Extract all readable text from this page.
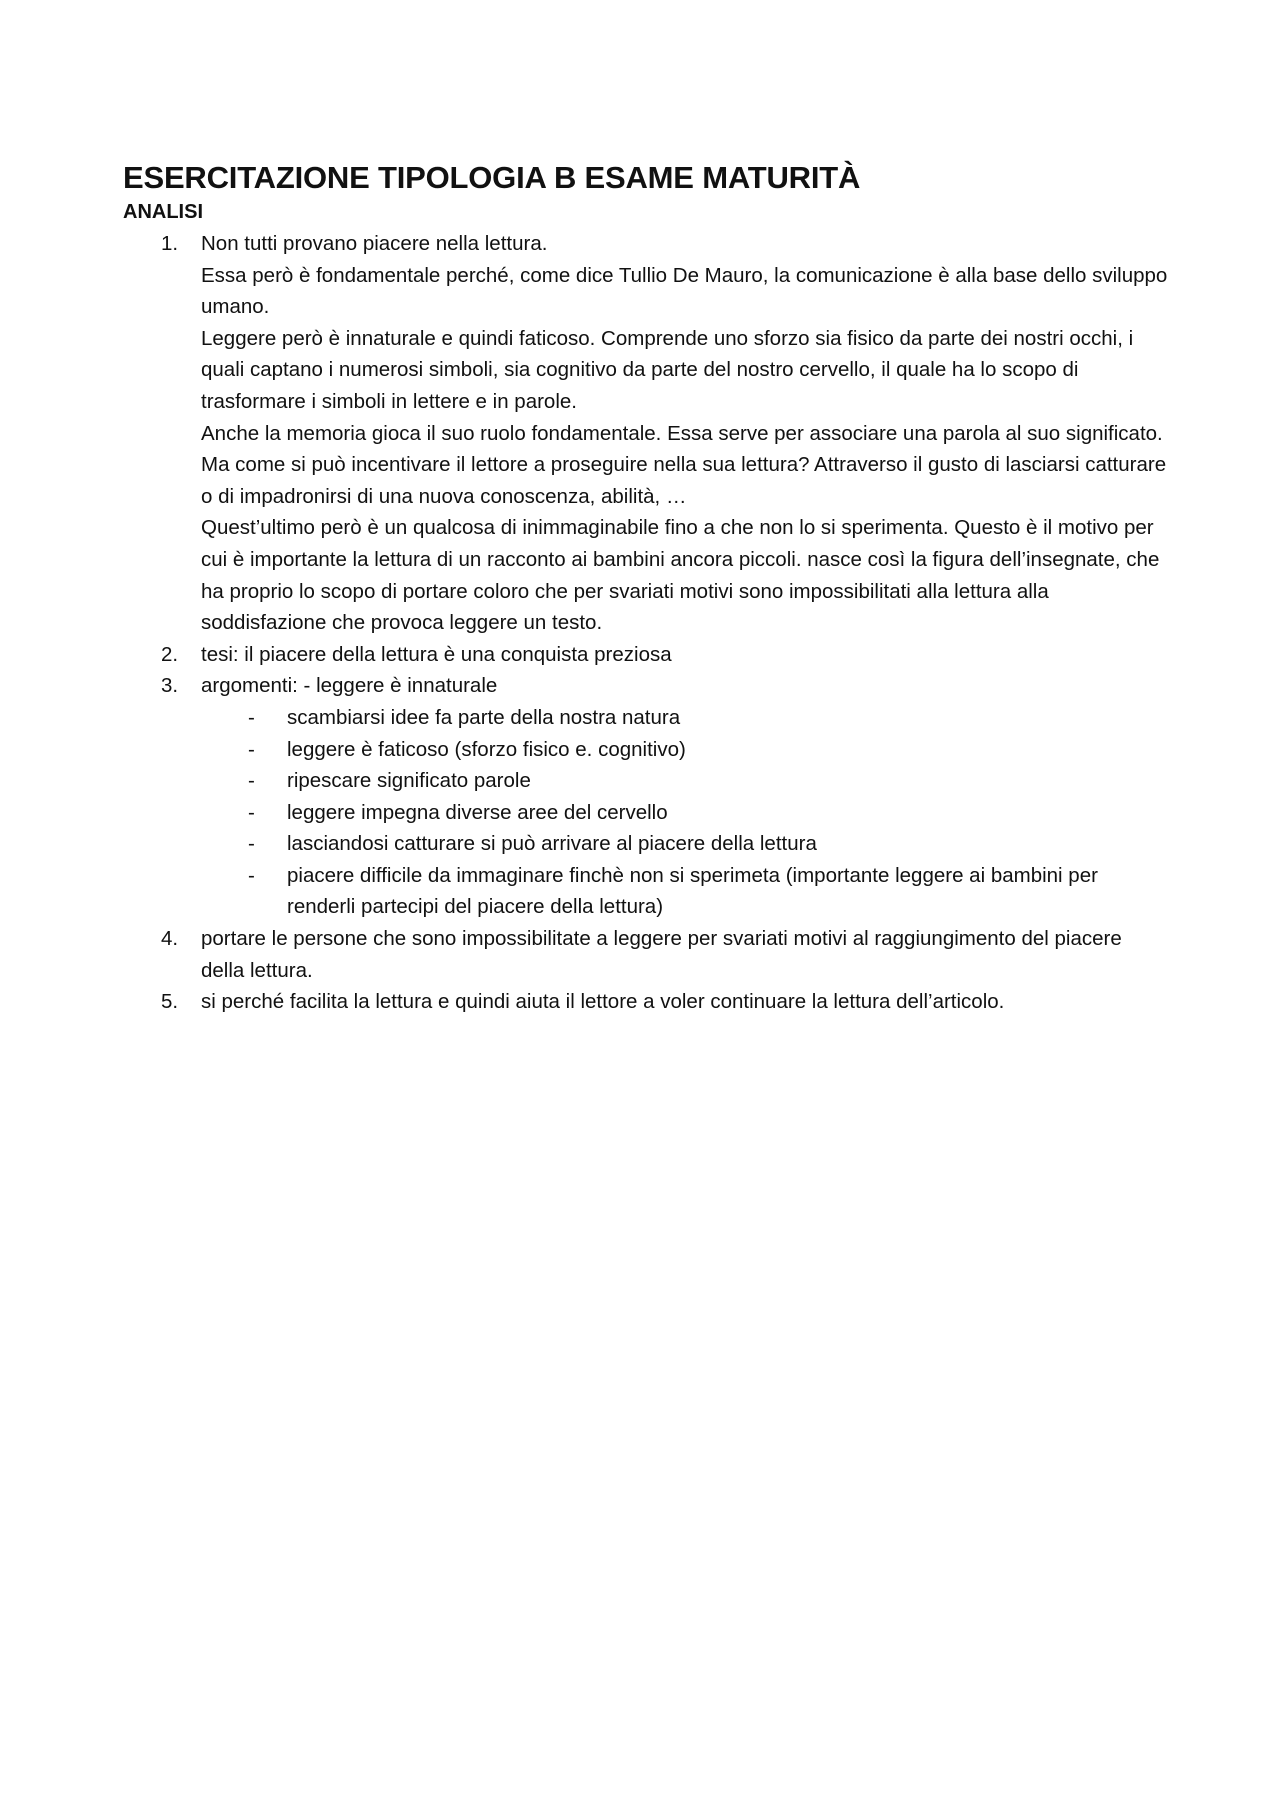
ESERCITAZIONE TIPOLOGIA B ESAME MATURITÀ
ANALISI
1. Non tutti provano piacere nella lettura.

Essa però è fondamentale perché, come dice Tullio De Mauro, la comunicazione è alla base dello sviluppo umano.

Leggere però è innaturale e quindi faticoso. Comprende uno sforzo sia fisico da parte dei nostri occhi, i quali captano i numerosi simboli, sia cognitivo da parte del nostro cervello, il quale ha lo scopo di trasformare i simboli in lettere e in parole.

Anche la memoria gioca il suo ruolo fondamentale. Essa serve per associare una parola al suo significato.

Ma come si può incentivare il lettore a proseguire nella sua lettura? Attraverso il gusto di lasciarsi catturare o di impadronirsi di una nuova conoscenza, abilità, …

Quest’ultimo però è un qualcosa di inimmaginabile fino a che non lo si sperimenta. Questo è il motivo per cui è importante la lettura di un racconto ai bambini ancora piccoli. nasce così la figura dell’insegnate, che ha proprio lo scopo di portare coloro che per svariati motivi sono impossibilitati alla lettura alla soddisfazione che provoca leggere un testo.

2. tesi: il piacere della lettura è una conquista preziosa

3. argomenti: - leggere è innaturale

- scambiarsi idee fa parte della nostra natura
- leggere è faticoso (sforzo fisico e. cognitivo)
- ripescare significato parole
- leggere impegna diverse aree del cervello
- lasciandosi catturare si può arrivare al piacere della lettura
- piacere difficile da immaginare finchè non si sperimeta (importante leggere ai bambini per renderli partecipi del piacere della lettura)
4. portare le persone che sono impossibilitate a leggere per svariati motivi al raggiungimento del piacere della lettura.

5. si perché facilita la lettura e quindi aiuta il lettore a voler continuare la lettura dell’articolo.
